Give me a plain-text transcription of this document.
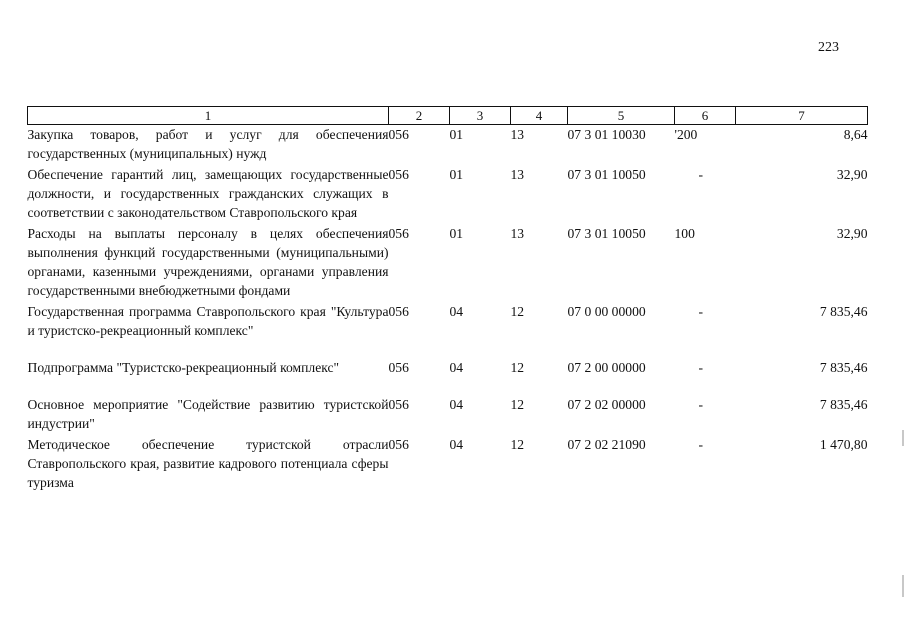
223
1	2	3	4	5	6	7
Закупка товаров, работ и услуг для обеспечения государственных (муниципальных) нужд	056	01	13	07 3 01 10030	'200	8,64
Обеспечение гарантий лиц, замещающих государственные должности, и государственных гражданских служащих в соответствии с законодательством Ставропольского края	056	01	13	07 3 01 10050	-	32,90
Расходы на выплаты персоналу в целях обеспечения выполнения функций государственными (муниципальными) органами, казенными учреждениями, органами управления государственными внебюджетными фондами	056	01	13	07 3 01 10050	100	32,90
Государственная программа Ставропольского края "Культура и туристско-рекреационный комплекс"	056	04	12	07 0 00 00000	-	7 835,46
Подпрограмма "Туристско-рекреационный комплекс"	056	04	12	07 2 00 00000	-	7 835,46
Основное мероприятие "Содействие развитию туристской индустрии"	056	04	12	07 2 02 00000	-	7 835,46
Методическое обеспечение туристской отрасли Ставропольского края, развитие кадрового потенциала сферы туризма	056	04	12	07 2 02 21090	-	1 470,80
